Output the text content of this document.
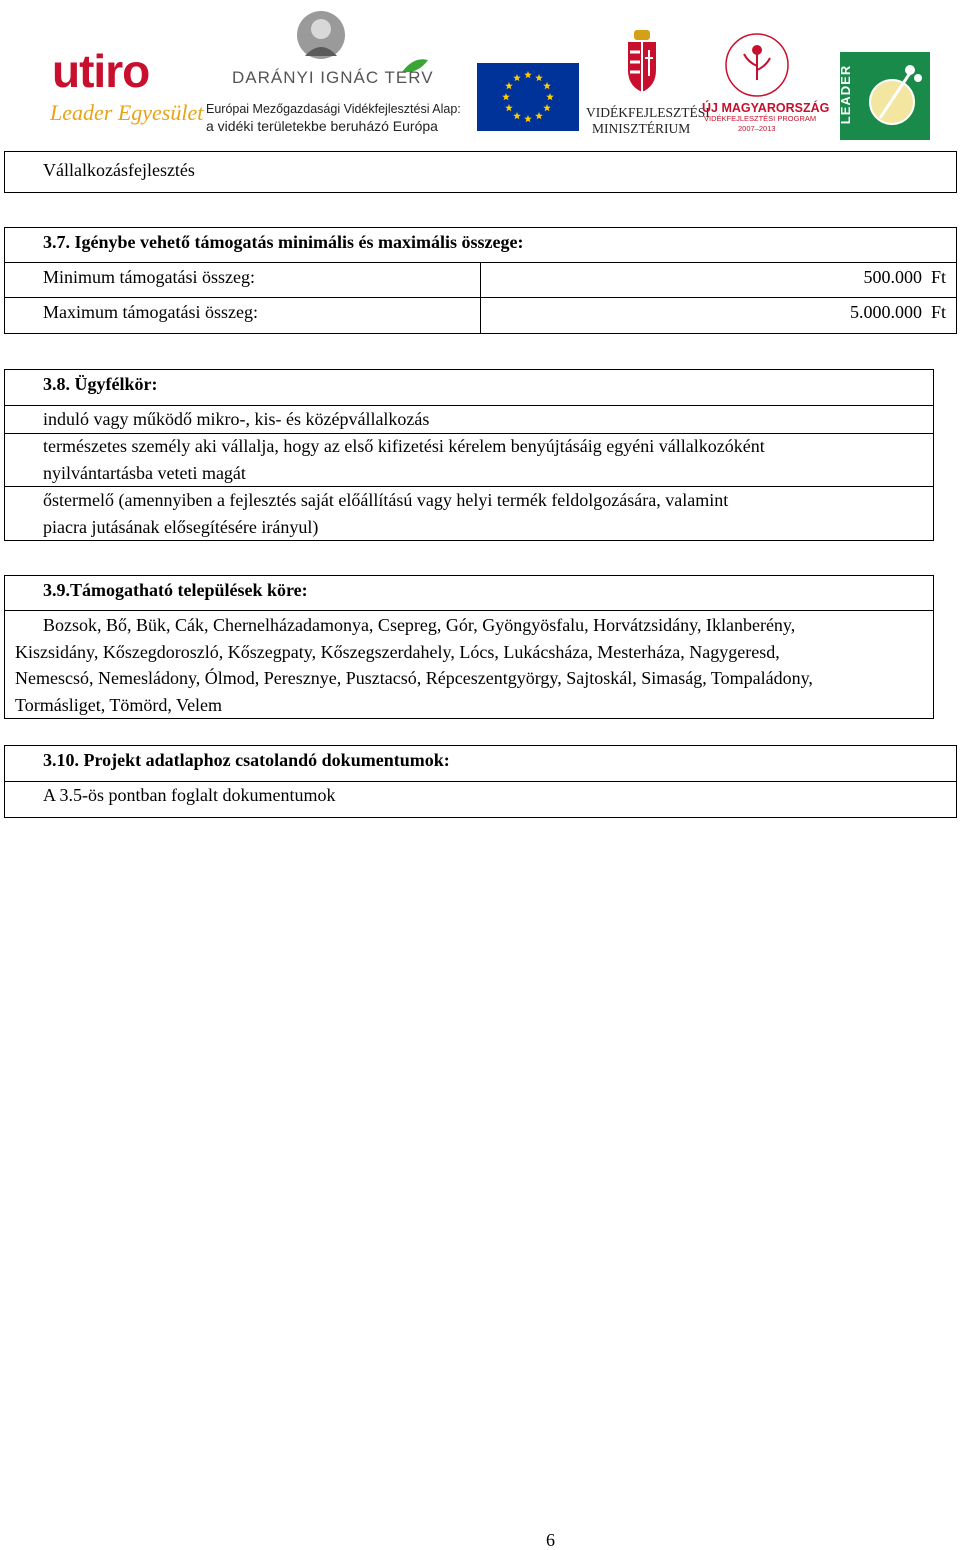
utiro
Leader Egyesület
DARÁNYI IGNÁC TERV
Európai Mezőgazdasági Vidékfejlesztési Alap:
a vidéki területekbe beruházó Európa
VIDÉKFEJLESZTÉSI
MINISZTÉRIUM
ÚJ MAGYARORSZÁG
VIDÉKFEJLESZTÉSI PROGRAM
2007–2013
LEADER
Vállalkozásfejlesztés
3.7. Igénybe vehető támogatás minimális és maximális összege:
Minimum támogatási összeg:	500.000  Ft
Maximum támogatási összeg:	5.000.000  Ft
3.8. Ügyfélkör:
induló vagy működő mikro-, kis- és középvállalkozás
természetes személy aki vállalja, hogy az első kifizetési kérelem benyújtásáig egyéni vállalkozóként
nyilvántartásba veteti magát
őstermelő (amennyiben a fejlesztés saját előállítású vagy helyi termék feldolgozására, valamint
piacra jutásának elősegítésére irányul)
3.9.Támogatható települések köre:
Bozsok, Bő, Bük, Cák, Chernelházadamonya, Csepreg, Gór, Gyöngyösfalu, Horvátzsidány, Iklanberény,
Kiszsidány, Kőszegdoroszló, Kőszegpaty, Kőszegszerdahely, Lócs, Lukácsháza, Mesterháza, Nagygeresd,
Nemescsó, Nemesládony, Ólmod, Peresznye, Pusztacsó, Répceszentgyörgy, Sajtoskál, Simaság, Tompaládony,
Tormásliget, Tömörd, Velem
3.10. Projekt adatlaphoz csatolandó dokumentumok:
A 3.5-ös pontban foglalt dokumentumok
6
